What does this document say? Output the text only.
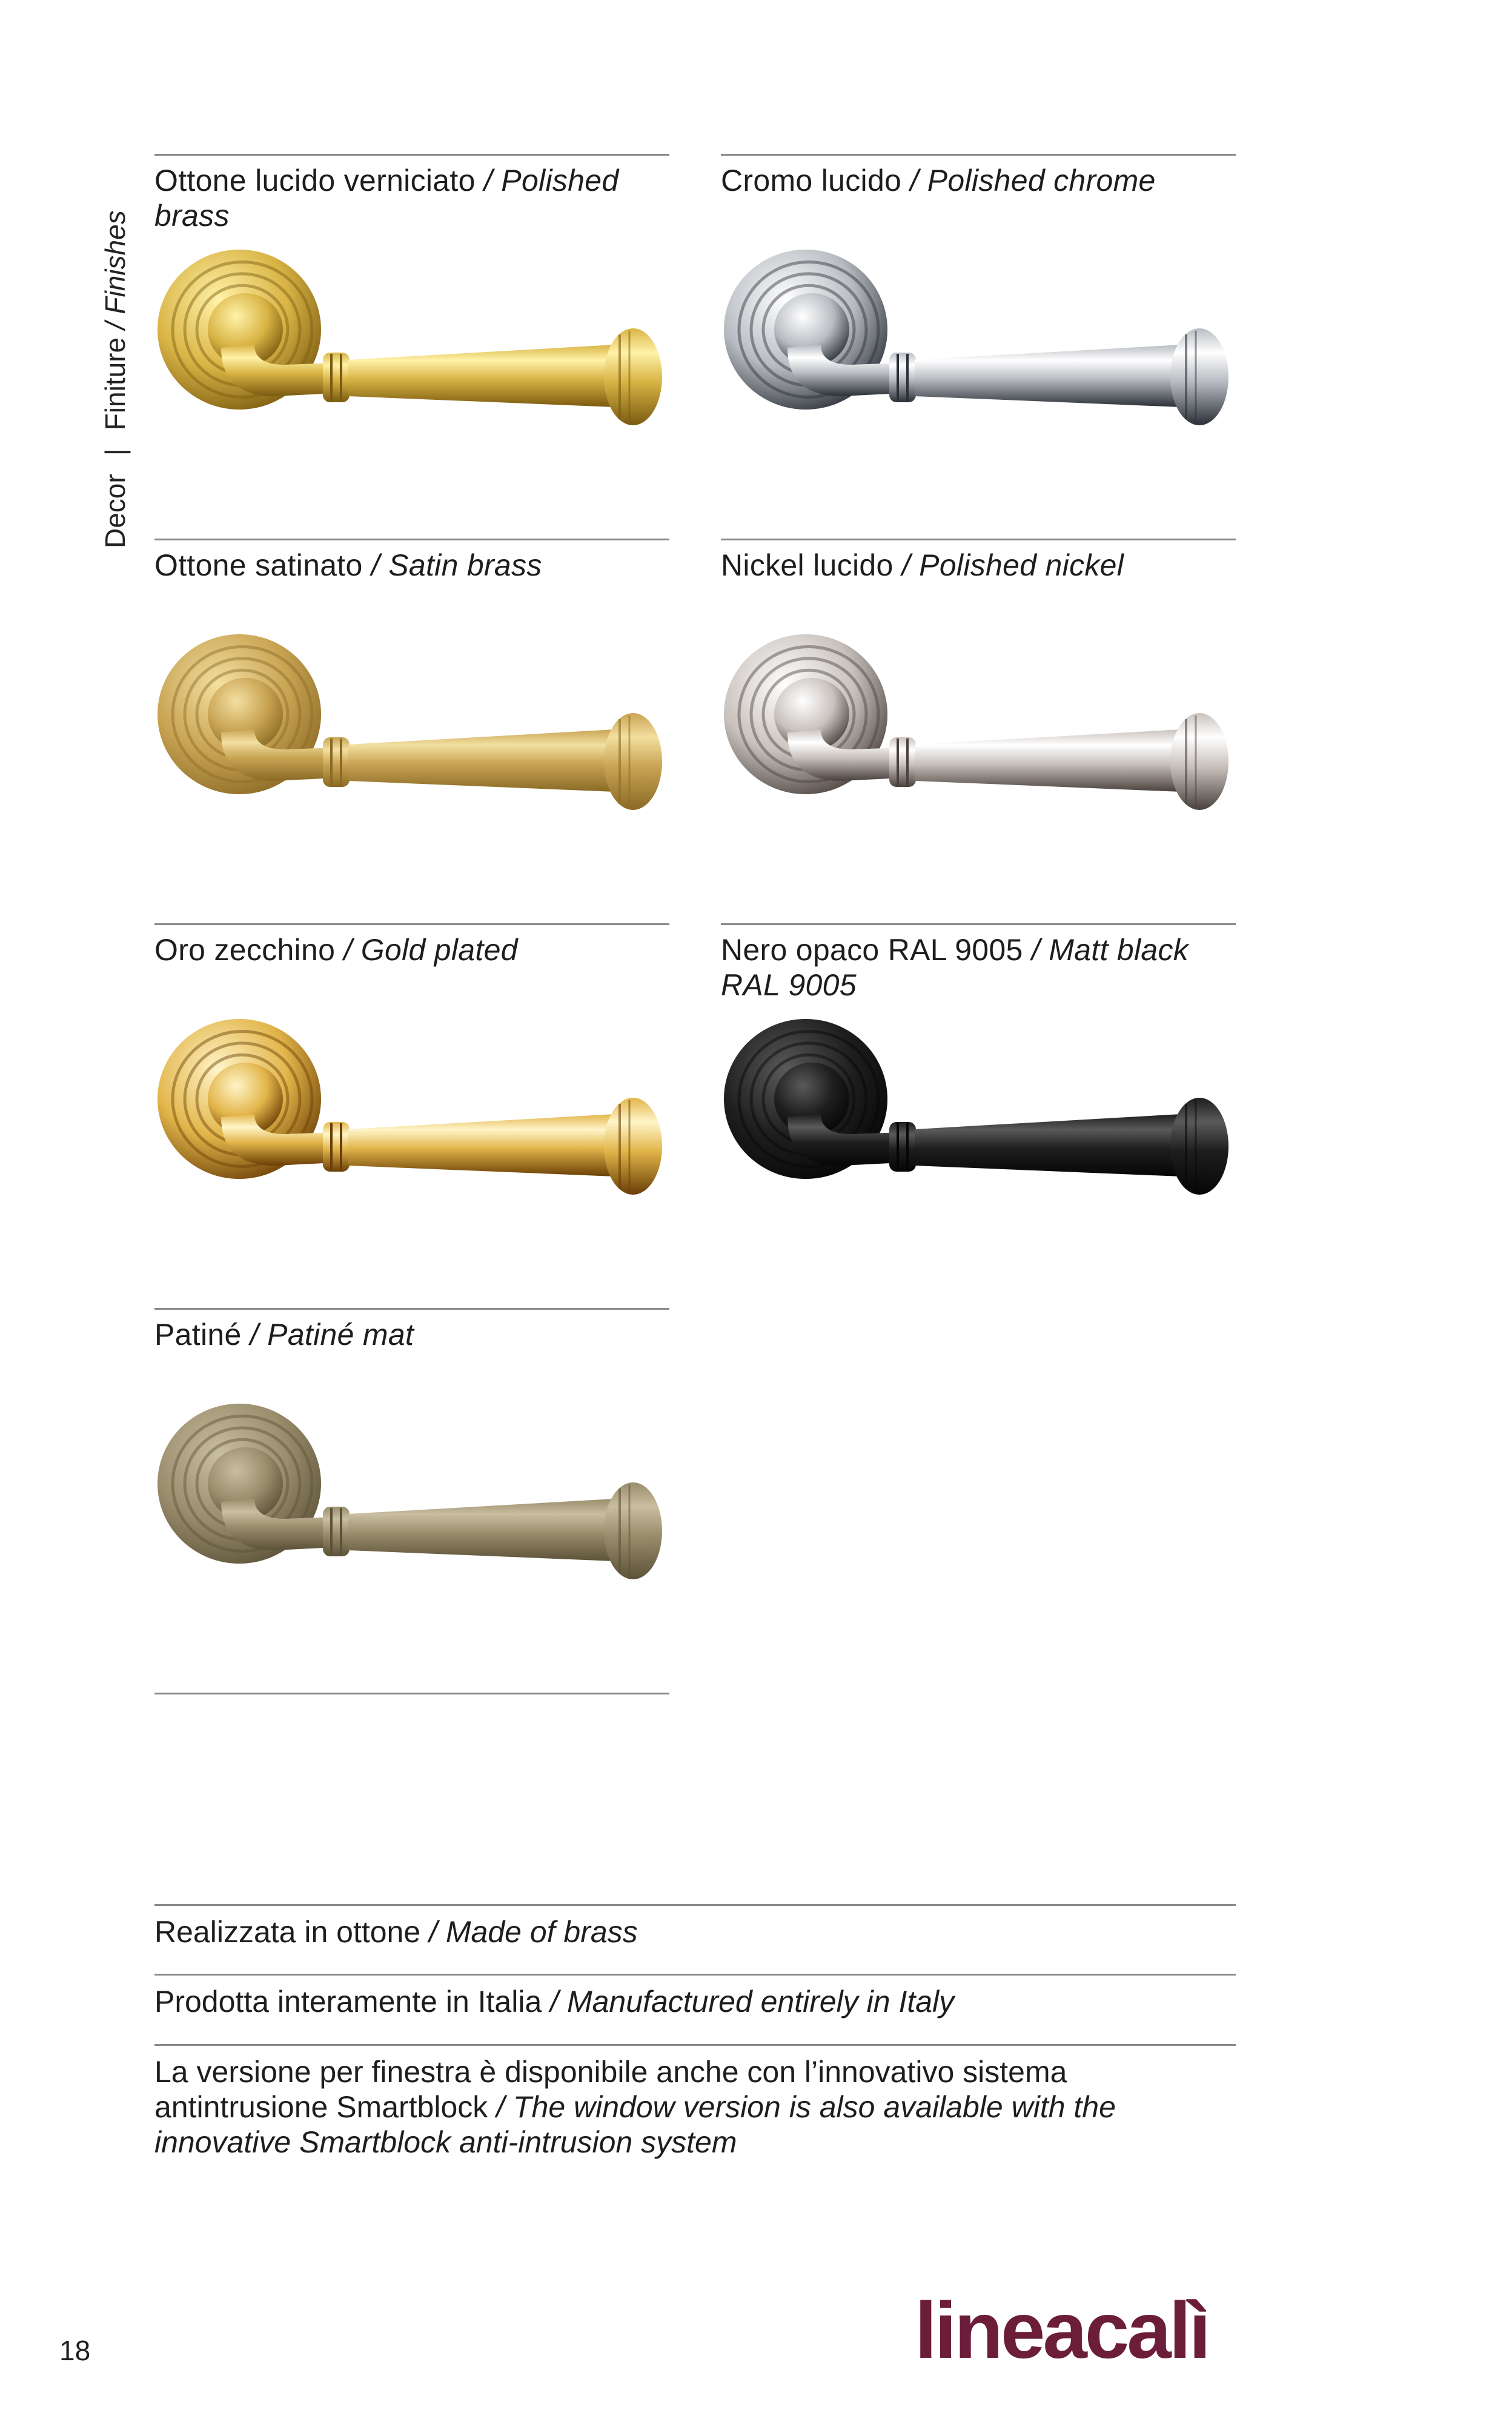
Decor|Finiture / Finishes
Ottone lucido verniciato / Polished brass
Cromo lucido / Polished chrome
Ottone satinato / Satin brass	Nickel lucido / Polished nickel
Oro zecchino / Gold plated	Nero opaco RAL 9005 / Matt black RAL 9005
Patiné / Patiné mat
Realizzata in ottone / Made of brass
Prodotta interamente in Italia / Manufactured entirely in Italy
La versione per finestra è disponibile anche con l’innovativo sistema antintrusione Smartblock / The window version is also available with the innovative Smartblock anti-intrusion system
18	lineacalì
